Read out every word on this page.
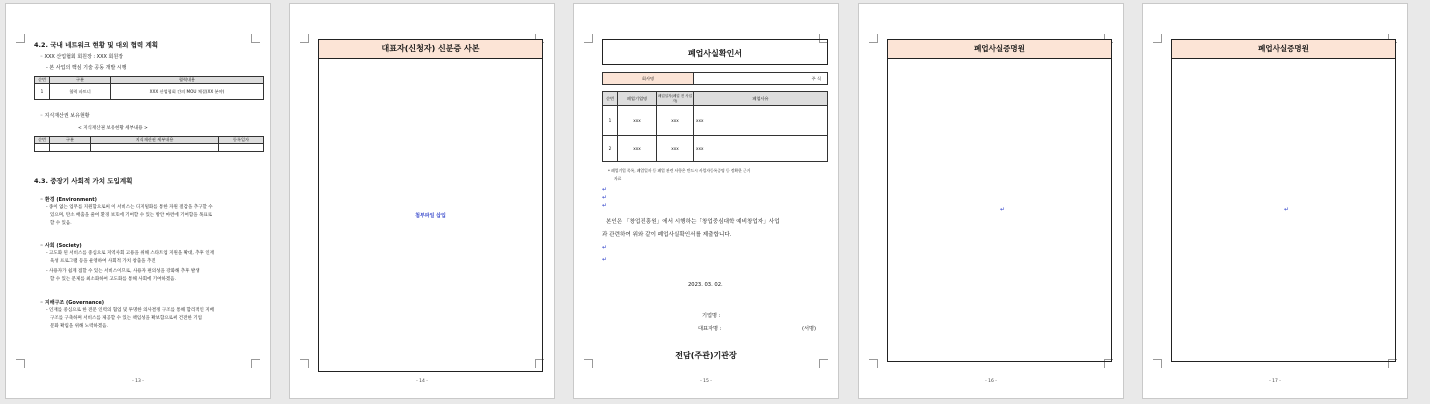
4.2. 국내 네트워크 현황 및 대외 협력 계획
◦ XXX 산업협회 회원장 : XXX 회원장
- 본 사업의 핵심 기술 공동 개발 시행
순번	구분	협력내용
1	협력 파트너	XXX 산업협회 간의 MOU 체결(XX 분야)
◦ 지식재산권 보유현황
< 지식재산권 보유현황 세부내용 >
순번	구분	지식재산권 세부내용	등록일자

4.3. 중장기 사회적 가치 도입계획
◦ 환경 (Environment)
- 종이 없는 업무를 지원함으로써 이 서비스는 디지털화를 통한 자원 절감을 추구할 수
있으며, 탄소 배출을 줄여 환경 보호에 기여할 수 있는 방안 마련에 기여함을 목표로
할 수 있음.
◦ 사회 (Society)
- 고도화 된 서비스를 중심으로 지역사회 고용을 위해 스타트업 지원을 확대, 추후 인재
육성 프로그램 등을 운영하여 사회적 가치 창출을 추진
- 사용자가 쉽게 접할 수 있는 서비스이므로, 사용자 편의성을 강화해 추후 발생
할 수 있는 문제를 최소화하여 고도화를 통해 사회에 기여하겠음.
◦ 지배구조 (Governance)
- 인재를 중심으로 한 전문 인력의 협업 및 투명한 의사결정 구조를 통해 합리적인 지배
구조를 구축하며 서비스를 제공할 수 있는 책임성을 확보함으로써 건전한 기업
문화 확립을 위해 노력하겠음.
- 13 -
대표자(신청자) 신분증 사본
첨부파일 삽입
- 14 -
폐업사실확인서
회사명	주 식
순번	폐업기업명	폐업일자(폐업 전 사업자)	폐업사유
1	xxx	xxx	xxx
2	xxx	xxx	xxx
* 폐업기업 목록, 폐업일자 등 폐업 관련 사항은 반드시 사업자등록증명 등 정확한 근거
자료
↵
↵
↵
본인은 「창업진흥원」에서 시행하는「창업중심대학 예비창업자」사업
과 관련하여 위와 같이 폐업사실확인서를 제출합니다.
↵
↵
2023. 03. 02.
기업명 :
대표자명 :	(서명)
전담(주관)기관장
- 15 -
폐업사실증명원
↵
- 16 -
폐업사실증명원
↵
- 17 -
